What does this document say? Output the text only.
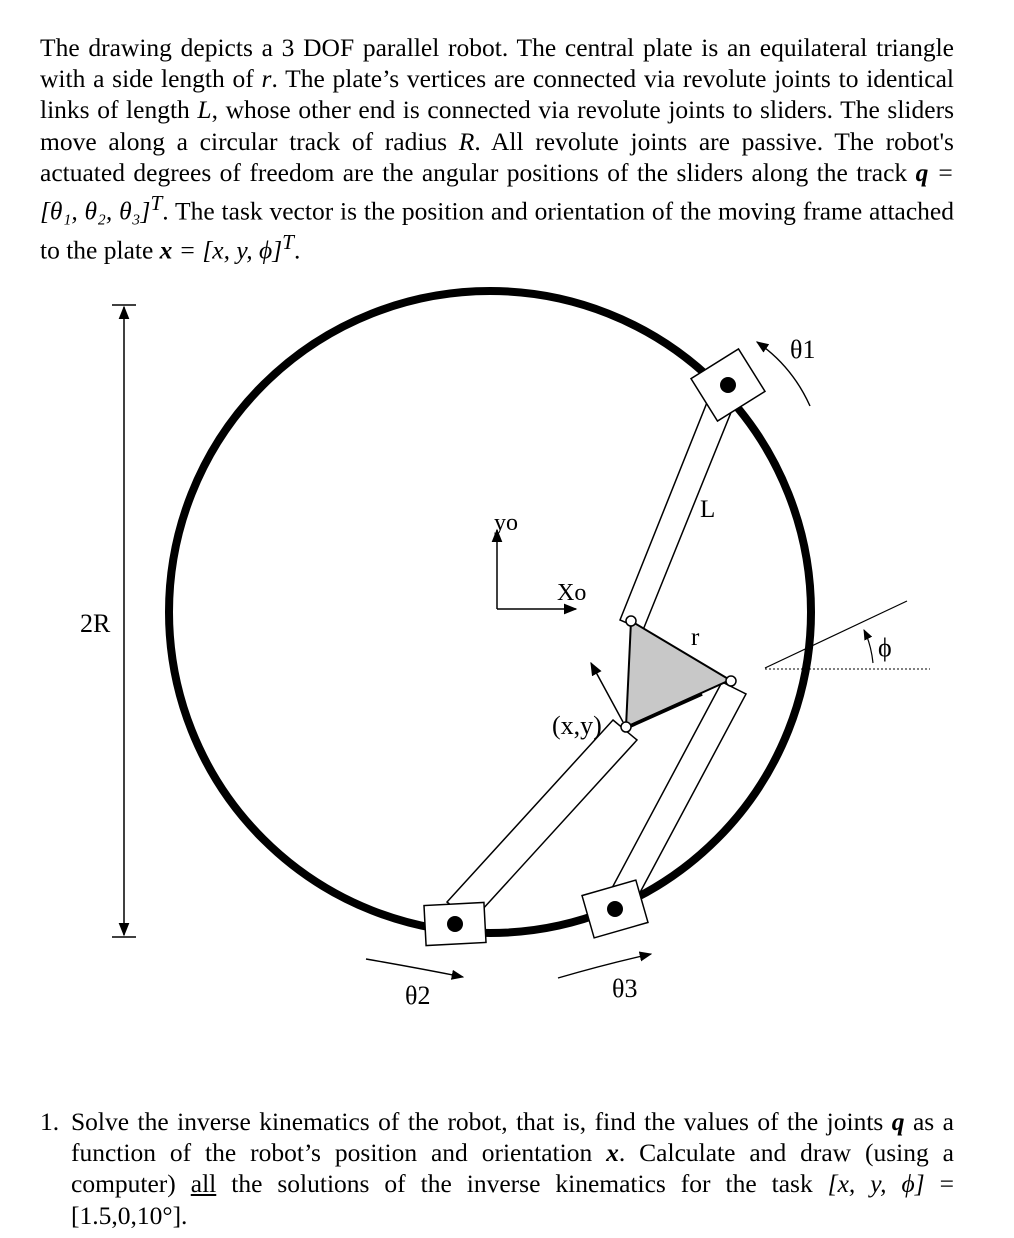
The drawing depicts a 3 DOF parallel robot. The central plate is an equilateral triangle with a side length of r. The plate’s vertices are connected via revolute joints to identical links of length L, whose other end is connected via revolute joints to sliders. The sliders move along a circular track of radius R. All revolute joints are passive. The robot's actuated degrees of freedom are the angular positions of the sliders along the track q = [θ₁, θ₂, θ₃]$^T$. The task vector is the position and orientation of the moving frame attached to the plate x = [x, y, ϕ]$^T$.

2R
yo
Xo
L
r
(x,y)
ϕ
θ1
θ2	θ3
1. Solve the inverse kinematics of the robot, that is, find the values of the joints q as a function of the robot’s position and orientation x. Calculate and draw (using a computer) all the solutions of the inverse kinematics for the task [x, y, ϕ] = [1.5,0,10°].
